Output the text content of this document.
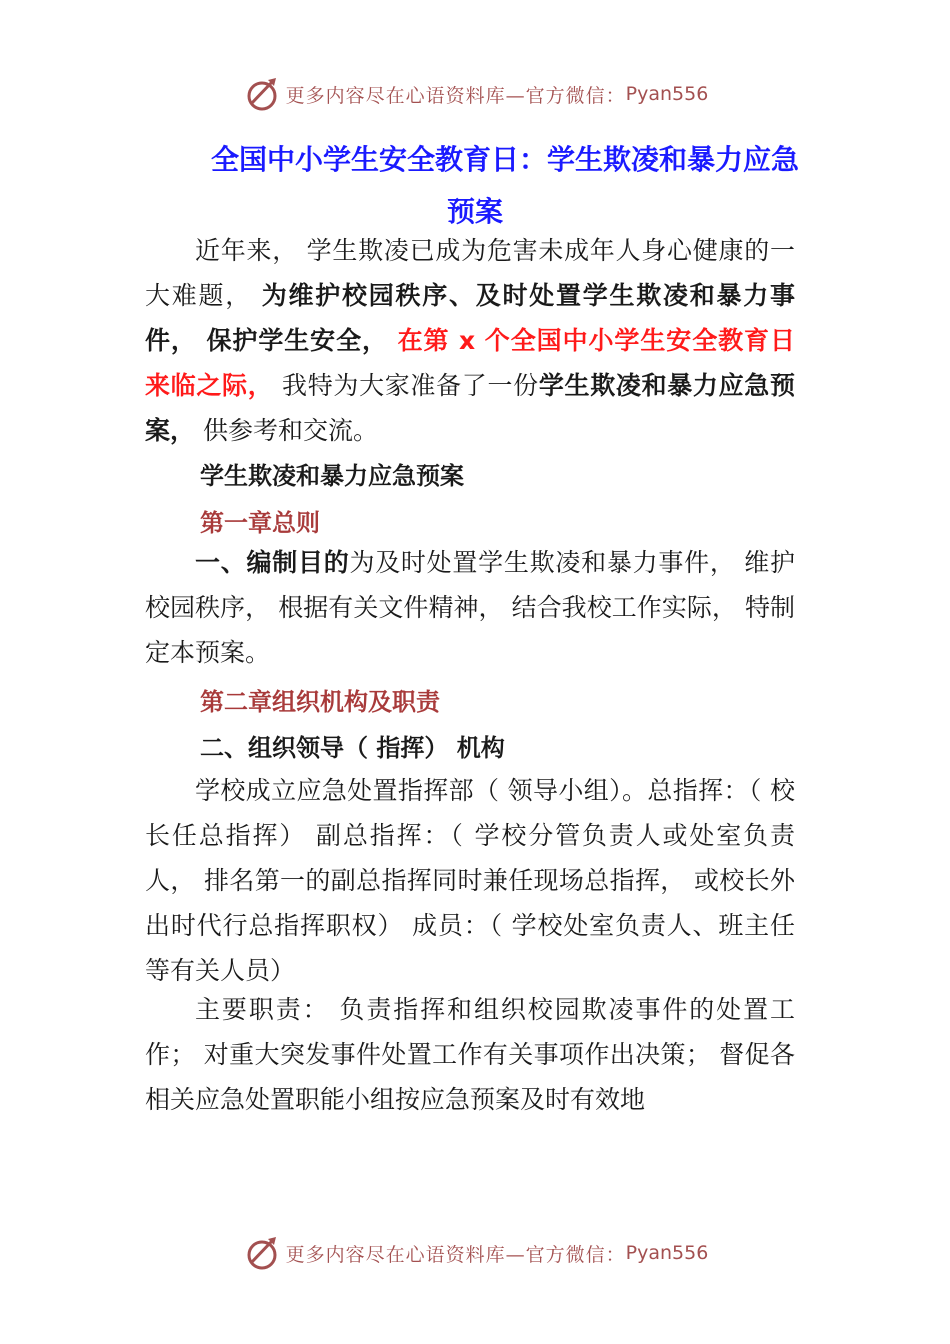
更多内容尽在心语资料库—官方微信： Pyan556
全国中小学生安全教育日：学生欺凌和暴力应急
预案
近年来， 学生欺凌已成为危害未成年人身心健康的一大难题， 为维护校园秩序、及时处置学生欺凌和暴力事件， 保护学生安全， 在第 x 个全国中小学生安全教育日来临之际， 我特为大家准备了一份学生欺凌和暴力应急预案， 供参考和交流。
学生欺凌和暴力应急预案
第一章总则
一、编制目的为及时处置学生欺凌和暴力事件， 维护校园秩序， 根据有关文件精神， 结合我校工作实际， 特制定本预案。
第二章组织机构及职责
二、组织领导（ 指挥） 机构
学校成立应急处置指挥部（ 领导小组）。总指挥：（ 校长任总指挥） 副总指挥：（ 学校分管负责人或处室负责人， 排名第一的副总指挥同时兼任现场总指挥， 或校长外出时代行总指挥职权） 成员：（ 学校处室负责人、班主任等有关人员）
主要职责： 负责指挥和组织校园欺凌事件的处置工作； 对重大突发事件处置工作有关事项作出决策； 督促各相关应急处置职能小组按应急预案及时有效地
更多内容尽在心语资料库—官方微信： Pyan556
